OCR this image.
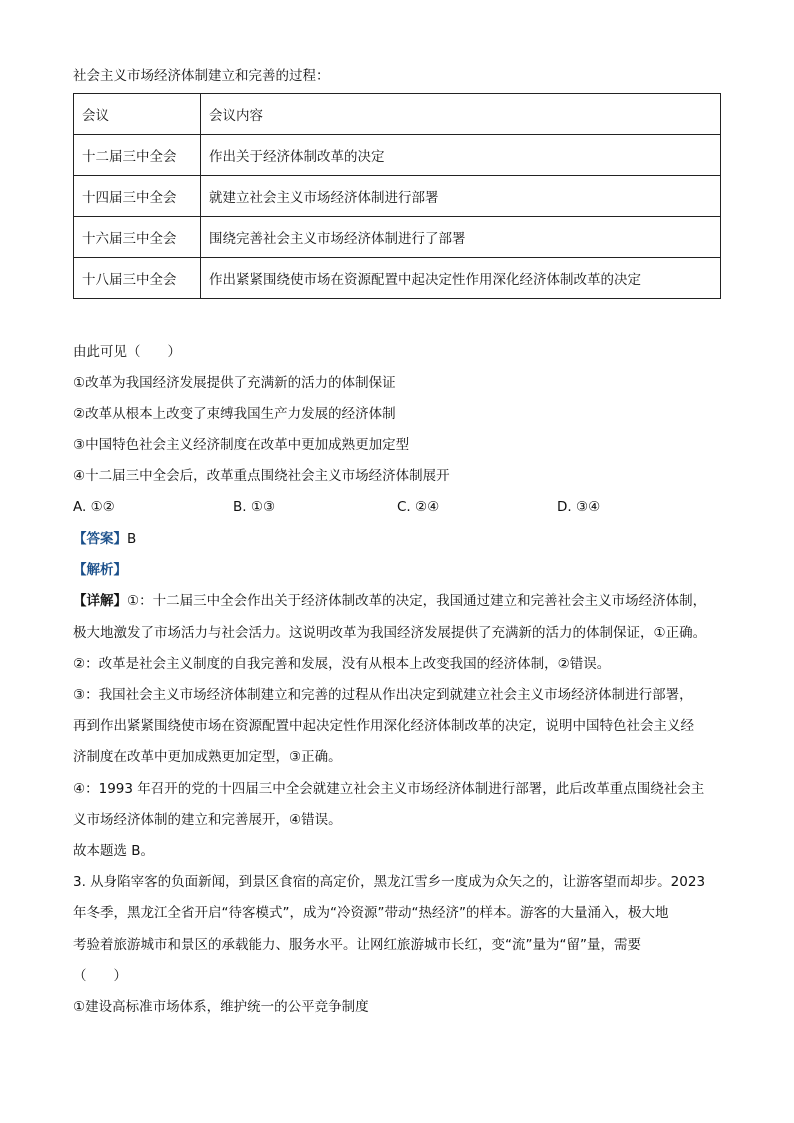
社会主义市场经济体制建立和完善的过程：
会议	会议内容
十二届三中全会	作出关于经济体制改革的决定
十四届三中全会	就建立社会主义市场经济体制进行部署
十六届三中全会	围绕完善社会主义市场经济体制进行了部署
十八届三中全会	作出紧紧围绕使市场在资源配置中起决定性作用深化经济体制改革的决定
由此可见（　　）
①改革为我国经济发展提供了充满新的活力的体制保证
②改革从根本上改变了束缚我国生产力发展的经济体制
③中国特色社会主义经济制度在改革中更加成熟更加定型
④十二届三中全会后，改革重点围绕社会主义市场经济体制展开
A. ①②	B. ①③	C. ②④	D. ③④
【答案】B
【解析】
【详解】①：十二届三中全会作出关于经济体制改革的决定，我国通过建立和完善社会主义市场经济体制，
极大地激发了市场活力与社会活力。这说明改革为我国经济发展提供了充满新的活力的体制保证，①正确。
②：改革是社会主义制度的自我完善和发展，没有从根本上改变我国的经济体制，②错误。
③：我国社会主义市场经济体制建立和完善的过程从作出决定到就建立社会主义市场经济体制进行部署，
再到作出紧紧围绕使市场在资源配置中起决定性作用深化经济体制改革的决定，说明中国特色社会主义经
济制度在改革中更加成熟更加定型，③正确。
④：1993 年召开的党的十四届三中全会就建立社会主义市场经济体制进行部署，此后改革重点围绕社会主
义市场经济体制的建立和完善展开，④错误。
故本题选 B。
3. 从身陷宰客的负面新闻，到景区食宿的高定价，黑龙江雪乡一度成为众矢之的，让游客望而却步。2023
年冬季，黑龙江全省开启“待客模式”，成为“冷资源”带动“热经济”的样本。游客的大量涌入，极大地
考验着旅游城市和景区的承载能力、服务水平。让网红旅游城市长红，变“流”量为“留”量，需要
（　　）
①建设高标准市场体系，维护统一的公平竞争制度
